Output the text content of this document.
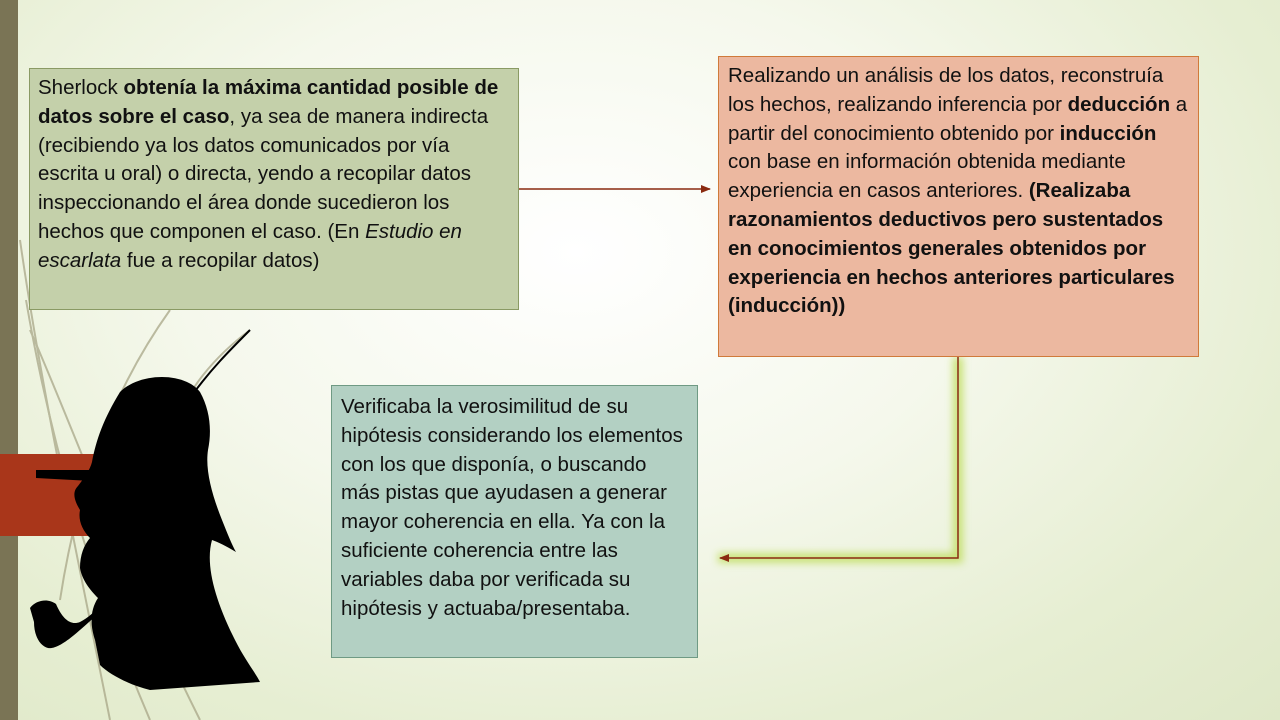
Sherlock obtenía la máxima cantidad posible de datos sobre el caso, ya sea de manera indirecta (recibiendo ya los datos comunicados por vía escrita u oral) o directa, yendo a recopilar datos inspeccionando el área donde sucedieron los hechos que componen el caso. (En Estudio en escarlata fue a recopilar datos)
Realizando un análisis de los datos, reconstruía los hechos, realizando inferencia por deducción a partir del conocimiento obtenido por inducción con base en información obtenida mediante experiencia en casos anteriores. (Realizaba razonamientos deductivos pero sustentados en conocimientos generales obtenidos por experiencia en hechos anteriores particulares (inducción))
Verificaba la verosimilitud de su hipótesis considerando los elementos con los que disponía, o buscando más pistas que ayudasen a generar mayor coherencia en ella. Ya con la suficiente coherencia entre las variables daba por verificada su hipótesis y actuaba/presentaba.
